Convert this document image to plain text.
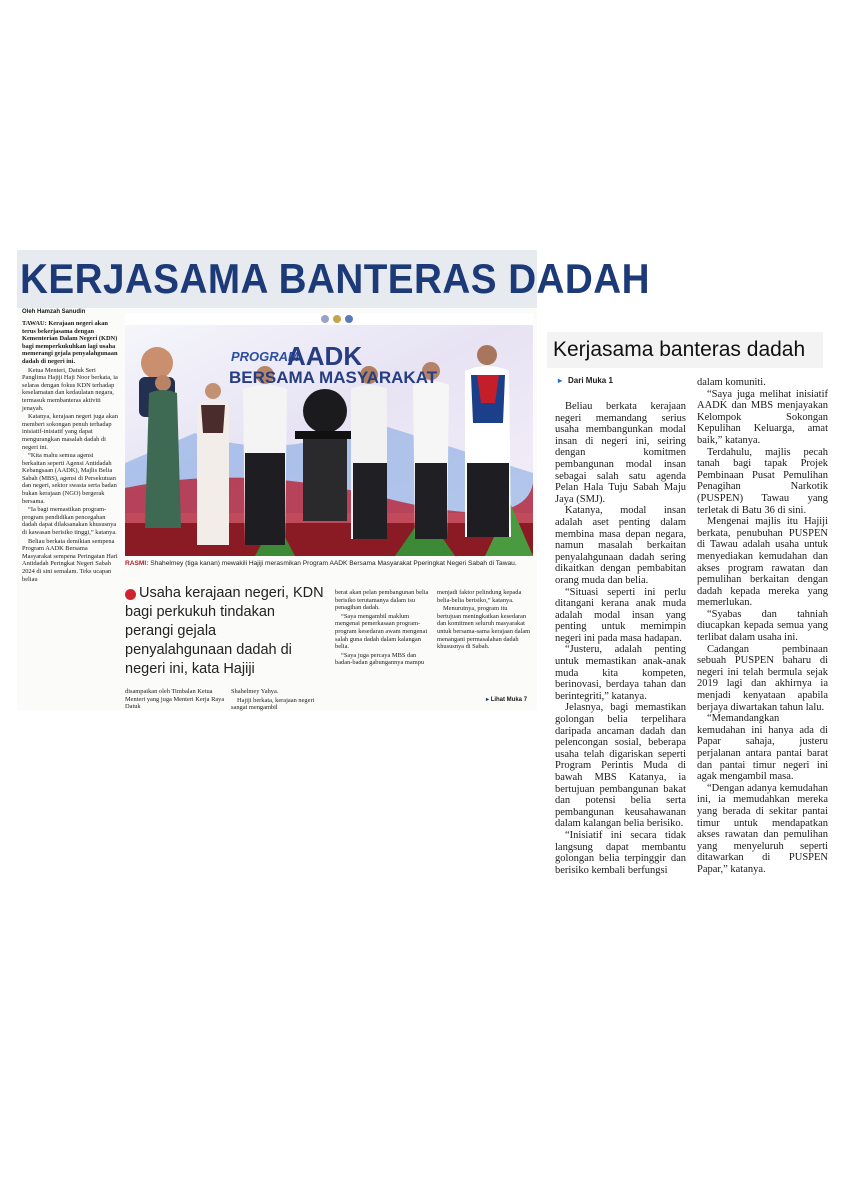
KERJASAMA BANTERAS DADAH
Oleh Hamzah Sanudin

TAWAU: Kerajaan negeri akan terus bekerjasama dengan Kementerian Dalam Negeri (KDN) bagi memperkukuhkan lagi usaha memerangi gejala penyalahgunaan dadah di negeri ini.

Ketua Menteri, Datuk Seri Panglima Hajiji Haji Noor berkata, ia selaras dengan fokus KDN terhadap keselamatan dan kedaulatan negara, termasuk membanteras aktiviti jenayah.

Katanya, kerajaan negeri juga akan memberi sokongan penuh terhadap inisiatif-inisiatif yang dapat mengurangkan masalah dadah di negeri ini.

“Kita mahu semua agensi berkaitan seperti Agensi Antidadah Kebangsaan (AADK), Majlis Belia Sabah (MBS), agensi di Persekutuan dan negeri, sektor swasta serta badan bukan kerajaan (NGO) bergerak bersama.

“Ia bagi memastikan program-program pendidikan pencegahan dadah dapat dilaksanakan khususnya di kawasan berisiko tinggi,” katanya.

Beliau berkata demikian sempena Program AADK Bersama Masyarakat sempena Peringatan Hari Antidadah Peringkat Negeri Sabah 2024 di sini semalam. Teks ucapan beliau

PROGRAM
AADK
BERSAMA MASYARAKAT
RASMI: Shahelmey (tiga kanan) mewakili Hajiji merasmikan Program AADK Bersama Masyarakat Pperingkat Negeri Sabah di Tawau.
Usaha kerajaan negeri, KDN bagi perkukuh tindakan perangi gejala penyalahgunaan dadah di negeri ini, kata Hajiji

disampaikan oleh Timbalan Ketua Menteri yang juga Menteri Kerja Raya Datuk

Shahelmey Yahya.

Hajiji berkata, kerajaan negeri sangat mengambil

berat akan pelan pembangunan belia berisiko terutamanya dalam isu penagihan dadah.

“Saya mengambil maklum mengenai pemerkasaan program-program kesedaran awam mengenai salah guna dadah dalam kalangan belia.

“Saya juga percaya MBS dan badan-badan gabungannya mampu

menjadi faktor pelindung kepada belia-belia berisiko,” katanya.

Menurutnya, program itu bertujuan meningkatkan kesedaran dan komitmen seluruh masyarakat untuk bersama-sama kerajaan dalam menangani permasalahan dadah khususnya di Sabah.

▸ Lihat Muka 7
Kerjasama banteras dadah
▸ Dari Muka 1

Beliau berkata kerajaan negeri memandang serius usaha membangunkan modal insan di negeri ini, seiring dengan komitmen pembangunan modal insan sebagai salah satu agenda Pelan Hala Tuju Sabah Maju Jaya (SMJ).

Katanya, modal insan adalah aset penting dalam membina masa depan negara, namun masalah berkaitan penyalahgunaan dadah sering dikaitkan dengan pembabitan orang muda dan belia.

“Situasi seperti ini perlu ditangani kerana anak muda adalah modal insan yang penting untuk memimpin negeri ini pada masa hadapan.

“Justeru, adalah penting untuk memastikan anak-anak muda kita kompeten, berinovasi, berdaya tahan dan berintegriti,” katanya.

Jelasnya, bagi memastikan golongan belia terpelihara daripada ancaman dadah dan pelencongan sosial, beberapa usaha telah digariskan seperti Program Perintis Muda di bawah MBS Katanya, ia bertujuan pembangunan bakat dan potensi belia serta pembangunan keusahawanan dalam kalangan belia berisiko.

“Inisiatif ini secara tidak langsung dapat membantu golongan belia terpinggir dan berisiko kembali berfungsi

dalam komuniti.

“Saya juga melihat inisiatif AADK dan MBS menjayakan Kelompok Sokongan Kepulihan Keluarga, amat baik,” katanya.

Terdahulu, majlis pecah tanah bagi tapak Projek Pembinaan Pusat Pemulihan Penagihan Narkotik (PUSPEN) Tawau yang terletak di Batu 36 di sini.

Mengenai majlis itu Hajiji berkata, penubuhan PUSPEN di Tawau adalah usaha untuk menyediakan kemudahan dan akses program rawatan dan pemulihan berkaitan dengan dadah kepada mereka yang memerlukan.

“Syabas dan tahniah diucapkan kepada semua yang terlibat dalam usaha ini.

Cadangan pembinaan sebuah PUSPEN baharu di negeri ini telah bermula sejak 2019 lagi dan akhirnya ia menjadi kenyataan apabila berjaya diwartakan tahun lalu.

“Memandangkan kemudahan ini hanya ada di Papar sahaja, justeru perjalanan antara pantai barat dan pantai timur negeri ini agak mengambil masa.

“Dengan adanya kemudahan ini, ia memudahkan mereka yang berada di sekitar pantai timur untuk mendapatkan akses rawatan dan pemulihan yang menyeluruh seperti ditawarkan di PUSPEN Papar,” katanya.
